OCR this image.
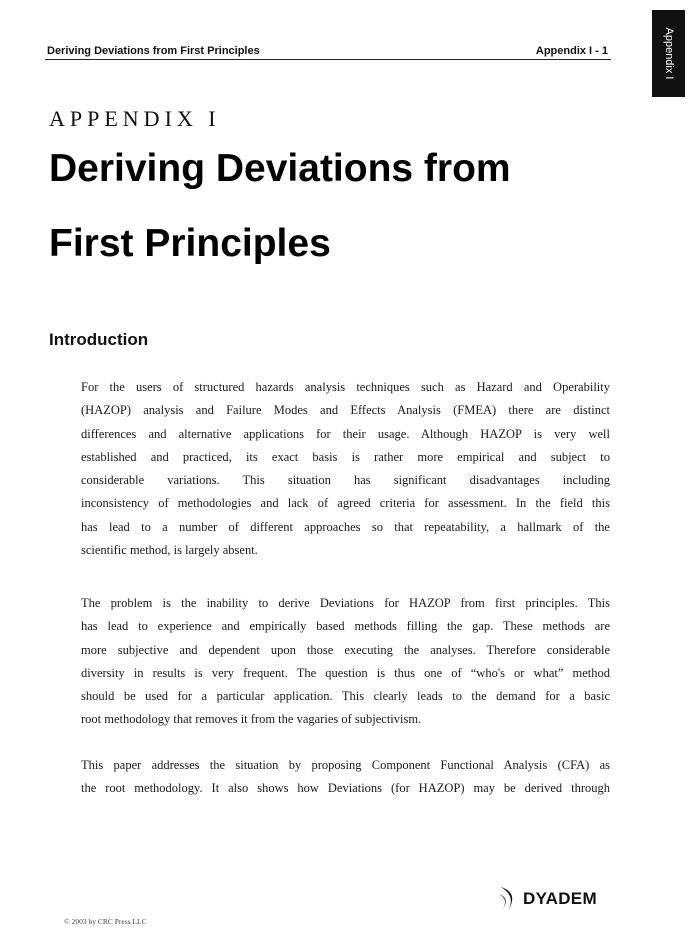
Deriving Deviations from First Principles	Appendix I - 1	Appendix I
APPENDIX I
Deriving Deviations from
First Principles
Introduction
For the users of structured hazards analysis techniques such as Hazard and Operability
(HAZOP) analysis and Failure Modes and Effects Analysis (FMEA) there are distinct
differences and alternative applications for their usage. Although HAZOP is very well
established and practiced, its exact basis is rather more empirical and subject to
considerable variations. This situation has significant disadvantages including
inconsistency of methodologies and lack of agreed criteria for assessment. In the field this
has lead to a number of different approaches so that repeatability, a hallmark of the
scientific method, is largely absent.
The problem is the inability to derive Deviations for HAZOP from first principles. This
has lead to experience and empirically based methods filling the gap. These methods are
more subjective and dependent upon those executing the analyses. Therefore considerable
diversity in results is very frequent. The question is thus one of “who's or what” method
should be used for a particular application. This clearly leads to the demand for a basic
root methodology that removes it from the vagaries of subjectivism.
This paper addresses the situation by proposing Component Functional Analysis (CFA) as
the root methodology. It also shows how Deviations (for HAZOP) may be derived through
DYADEM
© 2003 by CRC Press LLC
